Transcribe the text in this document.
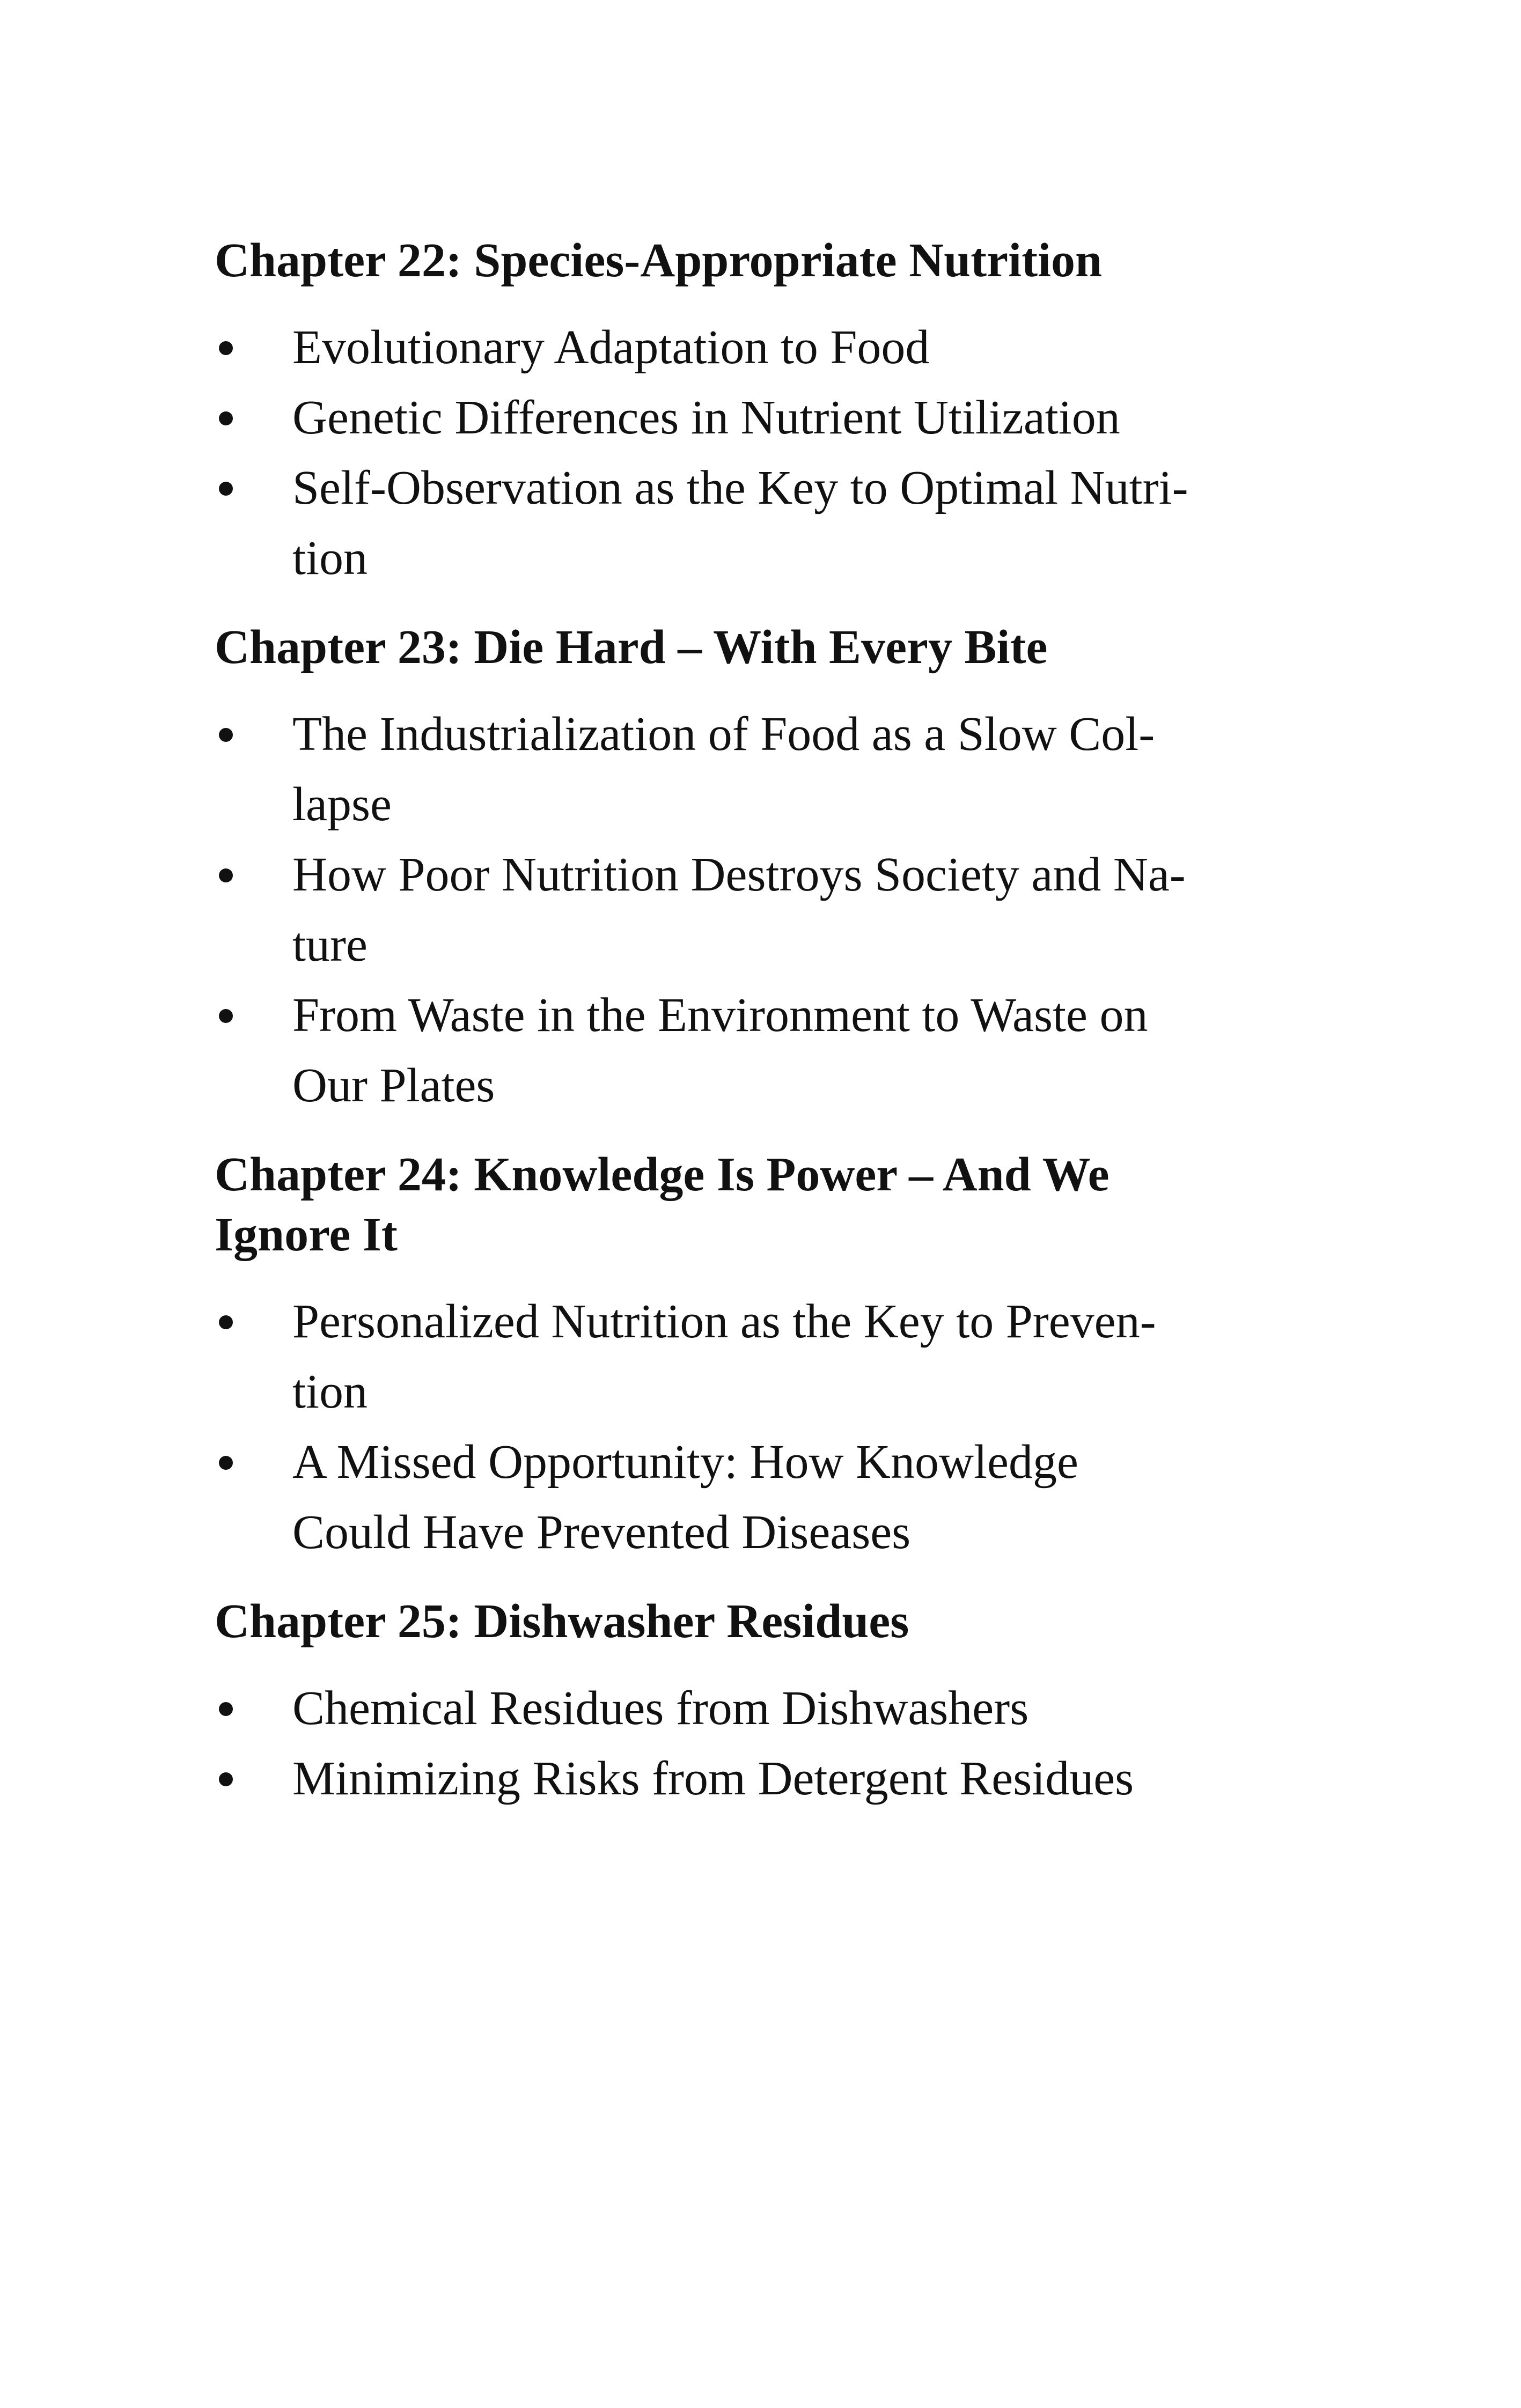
Chapter 22: Species-Appropriate Nutrition
Evolutionary Adaptation to Food
Genetic Differences in Nutrient Utilization
Self-Observation as the Key to Optimal Nutri-
tion
Chapter 23: Die Hard – With Every Bite
The Industrialization of Food as a Slow Col-
lapse
How Poor Nutrition Destroys Society and Na-
ture
From Waste in the Environment to Waste on
Our Plates
Chapter 24: Knowledge Is Power – And We
Ignore It
Personalized Nutrition as the Key to Preven-
tion
A Missed Opportunity: How Knowledge
Could Have Prevented Diseases
Chapter 25: Dishwasher Residues
Chemical Residues from Dishwashers
Minimizing Risks from Detergent Residues
